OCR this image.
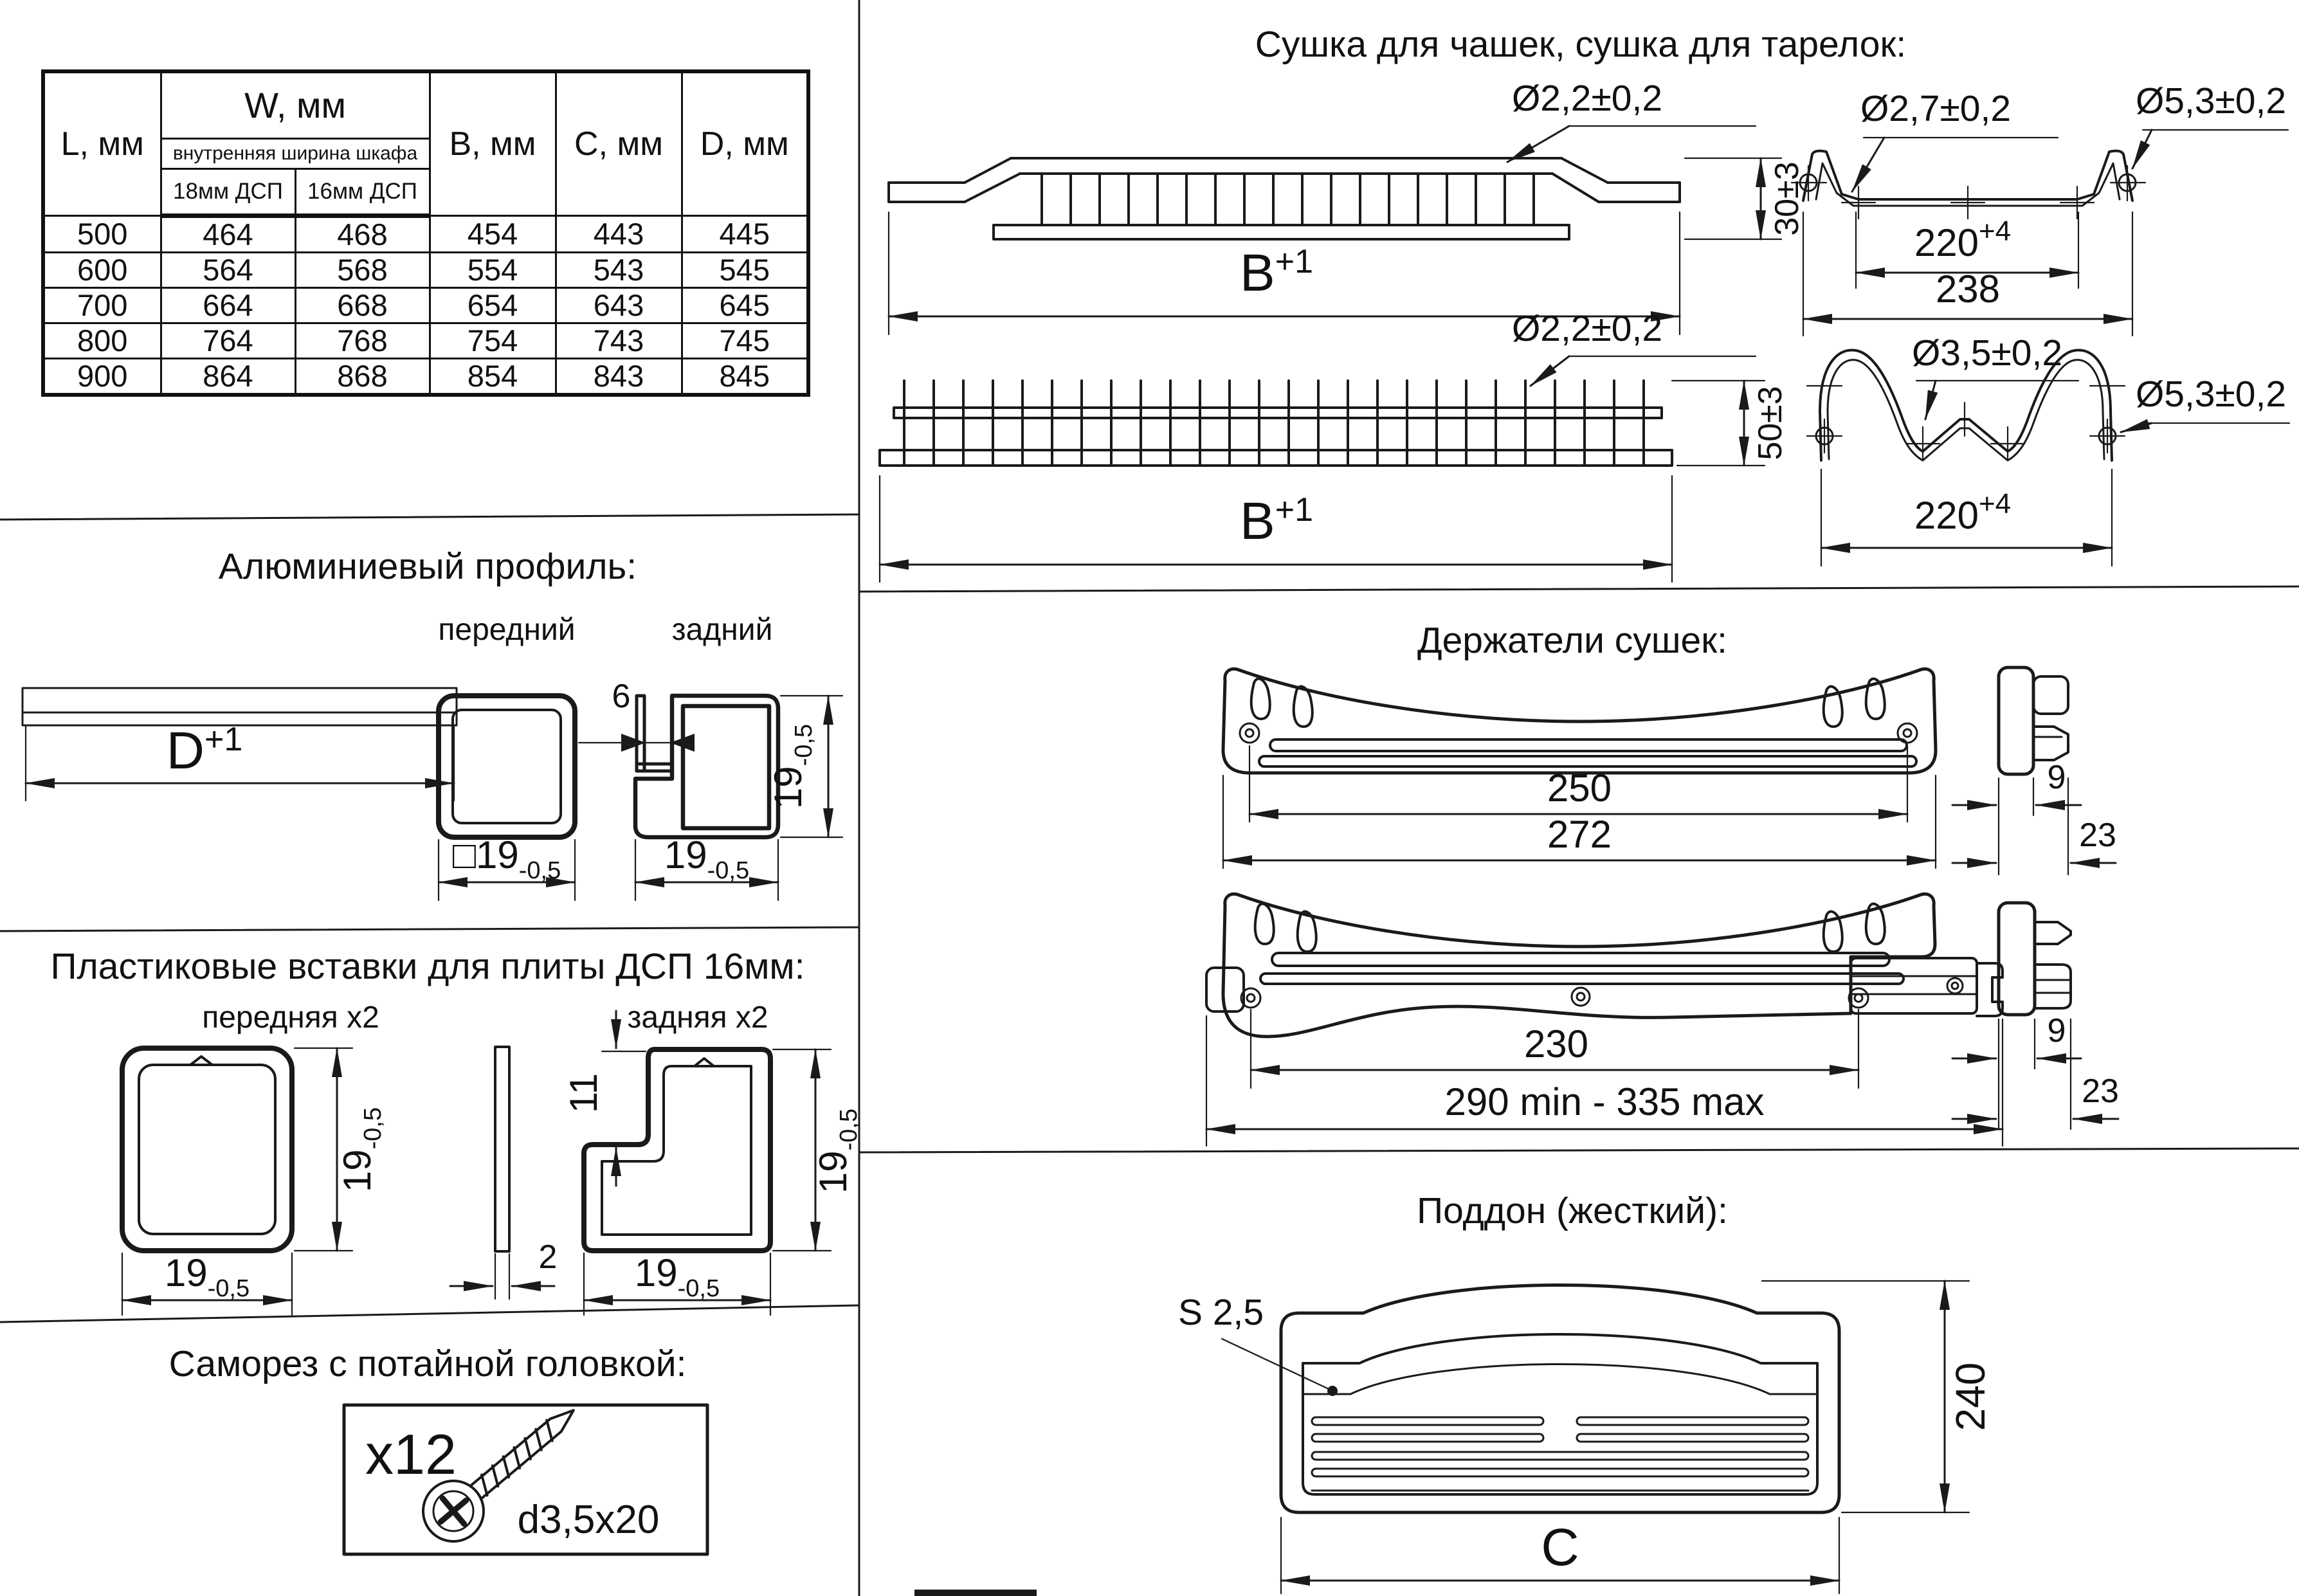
L, мм	W, мм		B, мм	C, мм	D, мм
	внутренняя ширина шкафа				
	18мм ДСП	16мм ДСП			
500	464	468	454	443	445
600	564	568	554	543	545
700	664	668	654	643	645
800	764	768	754	743	745
900	864	868	854	843	845
Алюминиевый профиль:
передний	задний
$D^{+1}$
$□19_{-0,5}$
6
$19_{-0,5}$
$19_{-0,5}$
Пластиковые вставки для плиты ДСП 16мм:
передняя x2	задняя x2
$19_{-0,5}$
$19_{-0,5}$
2
11
$19_{-0,5}$
$19_{-0,5}$
Саморез с потайной головкой:
x12
d3,5x20
Сушка для чашек, сушка для тарелок:
Ø2,2±0,2
30±3
$B^{+1}$
Ø2,7±0,2	Ø5,3±0,2
$220^{+4}$
238
Ø2,2±0,2
50±3
$B^{+1}$
Ø3,5±0,2
Ø5,3±0,2
$220^{+4}$
Держатели сушек:
250
272
9
23
230
290 min - 335 max
9
23
Поддон (жесткий):
S 2,5
240
C
